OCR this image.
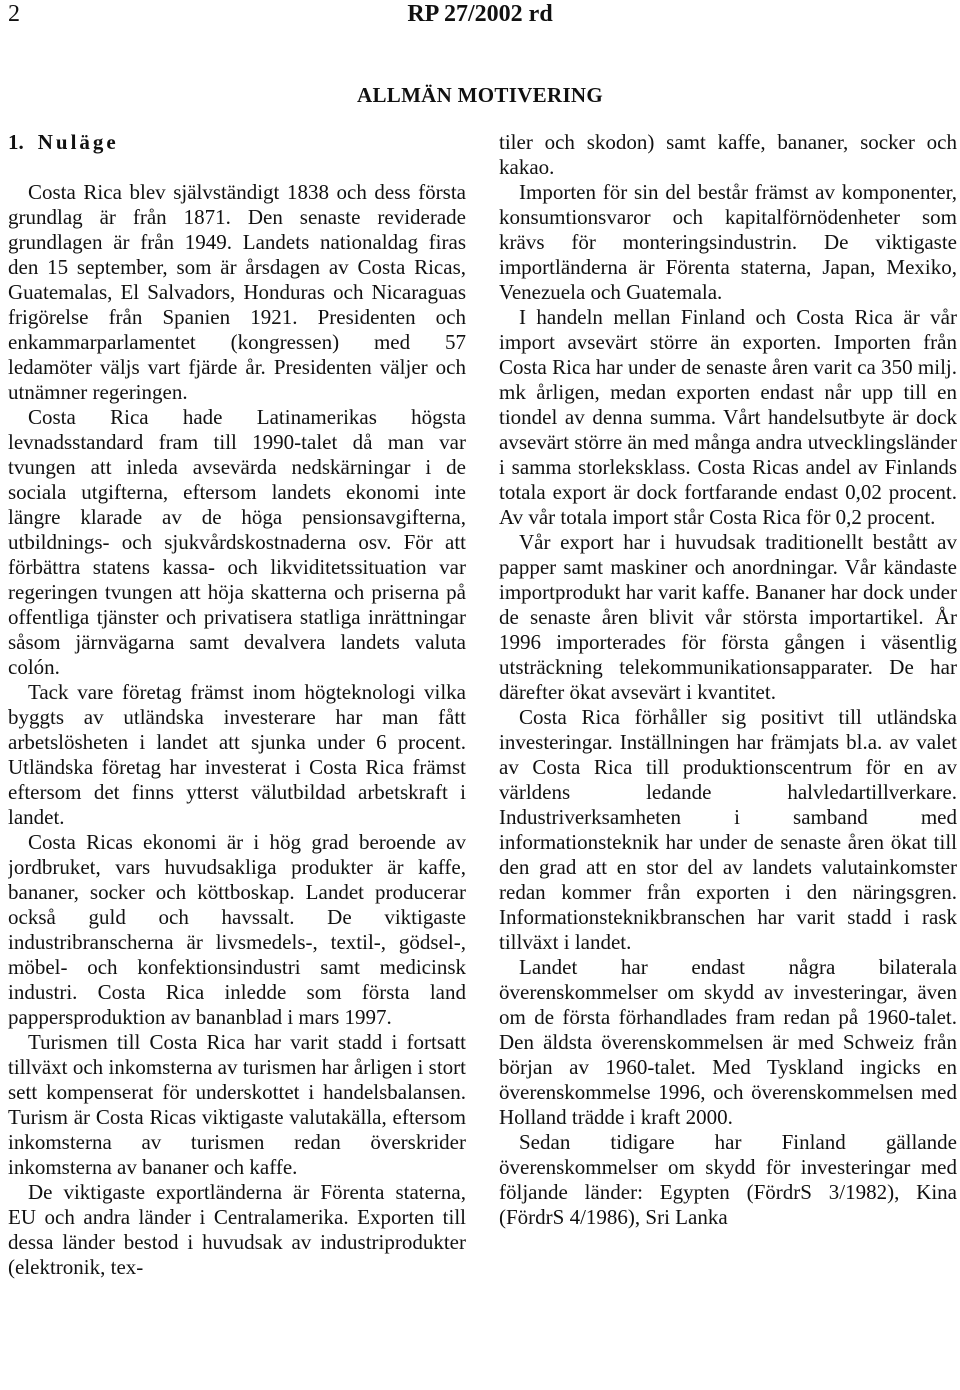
2	RP 27/2002 rd
ALLMÄN MOTIVERING
1. Nuläge

Costa Rica blev självständigt 1838 och dess första grundlag är från 1871. Den senaste reviderade grundlagen är från 1949. Landets nationaldag firas den 15 september, som är årsdagen av Costa Ricas, Guatemalas, El Salvadors, Honduras och Nicaraguas frigörelse från Spanien 1921. Presidenten och enkammarparlamentet (kongressen) med 57 ledamöter väljs vart fjärde år. Presidenten väljer och utnämner regeringen.

Costa Rica hade Latinamerikas högsta levnadsstandard fram till 1990-talet då man var tvungen att inleda avsevärda nedskärningar i de sociala utgifterna, eftersom landets ekonomi inte längre klarade av de höga pensionsavgifterna, utbildnings- och sjukvårdskostnaderna osv. För att förbättra statens kassa- och likviditetssituation var regeringen tvungen att höja skatterna och priserna på offentliga tjänster och privatisera statliga inrättningar såsom järnvägarna samt devalvera landets valuta colón.

Tack vare företag främst inom högteknologi vilka byggts av utländska investerare har man fått arbetslösheten i landet att sjunka under 6 procent. Utländska företag har investerat i Costa Rica främst eftersom det finns ytterst välutbildad arbetskraft i landet.

Costa Ricas ekonomi är i hög grad beroende av jordbruket, vars huvudsakliga produkter är kaffe, bananer, socker och köttboskap. Landet producerar också guld och havssalt. De viktigaste industribranscherna är livsmedels-, textil-, gödsel-, möbel- och konfektionsindustri samt medicinsk industri. Costa Rica inledde som första land pappersproduktion av bananblad i mars 1997.

Turismen till Costa Rica har varit stadd i fortsatt tillväxt och inkomsterna av turismen har årligen i stort sett kompenserat för underskottet i handelsbalansen. Turism är Costa Ricas viktigaste valutakälla, eftersom inkomsterna av turismen redan överskrider inkomsterna av bananer och kaffe.

De viktigaste exportländerna är Förenta staterna, EU och andra länder i Centralamerika. Exporten till dessa länder bestod i huvudsak av industriprodukter (elektronik, tex-

tiler och skodon) samt kaffe, bananer, socker och kakao.

Importen för sin del består främst av komponenter, konsumtionsvaror och kapitalförnödenheter som krävs för monteringsindustrin. De viktigaste importländerna är Förenta staterna, Japan, Mexiko, Venezuela och Guatemala.

I handeln mellan Finland och Costa Rica är vår import avsevärt större än exporten. Importen från Costa Rica har under de senaste åren varit ca 350 milj. mk årligen, medan exporten endast når upp till en tiondel av denna summa. Vårt handelsutbyte är dock avsevärt större än med många andra utvecklingsländer i samma storleksklass. Costa Ricas andel av Finlands totala export är dock fortfarande endast 0,02 procent. Av vår totala import står Costa Rica för 0,2 procent.

Vår export har i huvudsak traditionellt bestått av papper samt maskiner och anordningar. Vår kändaste importprodukt har varit kaffe. Bananer har dock under de senaste åren blivit vår största importartikel. År 1996 importerades för första gången i väsentlig utsträckning telekommunikationsapparater. De har därefter ökat avsevärt i kvantitet.

Costa Rica förhåller sig positivt till utländska investeringar. Inställningen har främjats bl.a. av valet av Costa Rica till produktionscentrum för en av världens ledande halvledartillverkare. Industriverksamheten i samband med informationsteknik har under de senaste åren ökat till den grad att en stor del av landets valutainkomster redan kommer från exporten i den näringsgren. Informationsteknikbranschen har varit stadd i rask tillväxt i landet.

Landet har endast några bilaterala överenskommelser om skydd av investeringar, även om de första förhandlades fram redan på 1960-talet. Den äldsta överenskommelsen är med Schweiz från början av 1960-talet. Med Tyskland ingicks en överenskommelse 1996, och överenskommelsen med Holland trädde i kraft 2000.

Sedan tidigare har Finland gällande överenskommelser om skydd för investeringar med följande länder: Egypten (FördrS 3/1982), Kina (FördrS 4/1986), Sri Lanka
